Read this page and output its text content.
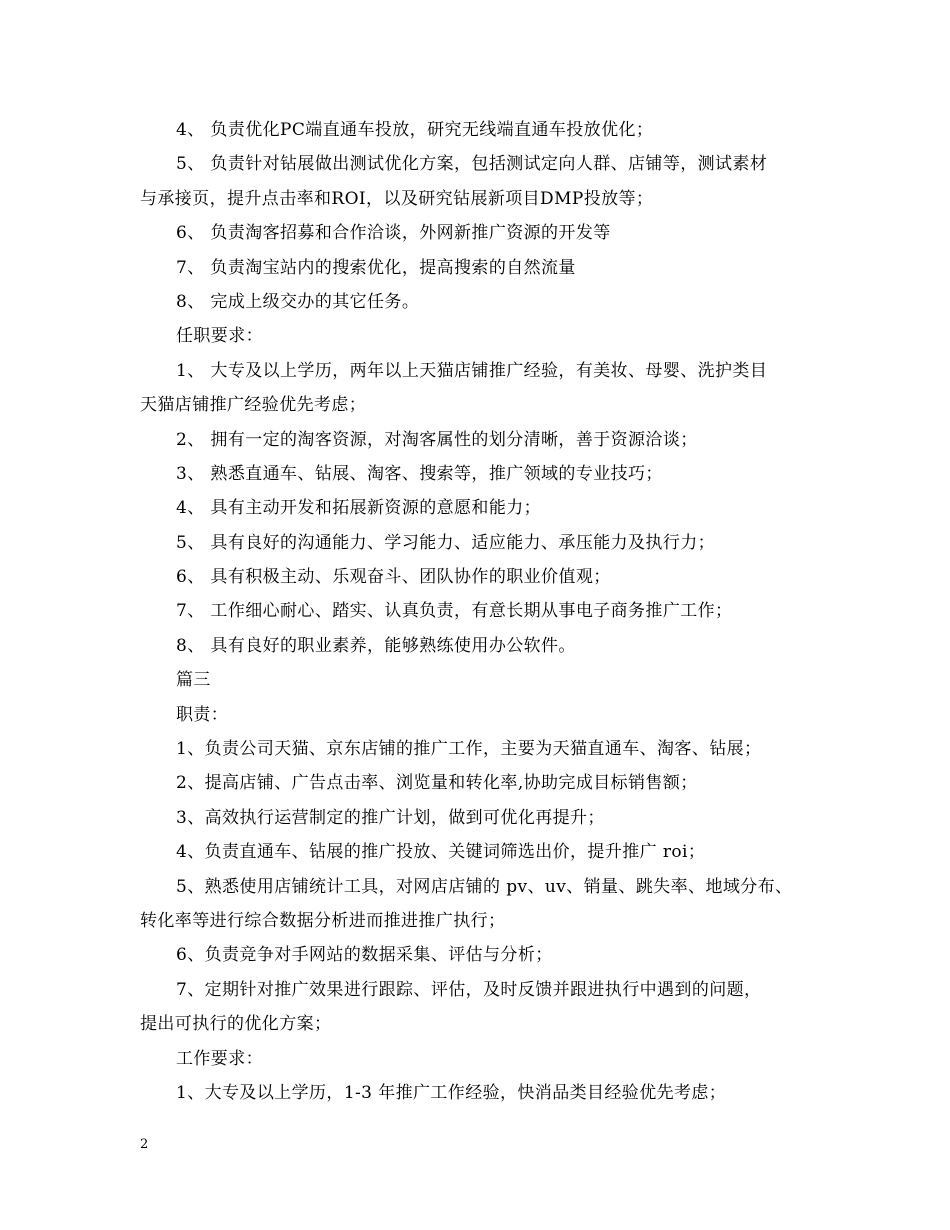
4、 负责优化PC端直通车投放，研究无线端直通车投放优化；
5、 负责针对钻展做出测试优化方案，包括测试定向人群、店铺等，测试素材
与承接页，提升点击率和ROI，以及研究钻展新项目DMP投放等；
6、 负责淘客招募和合作洽谈，外网新推广资源的开发等
7、 负责淘宝站内的搜索优化，提高搜索的自然流量
8、 完成上级交办的其它任务。
任职要求：
1、 大专及以上学历，两年以上天猫店铺推广经验，有美妆、母婴、洗护类目
天猫店铺推广经验优先考虑；
2、 拥有一定的淘客资源，对淘客属性的划分清晰，善于资源洽谈；
3、 熟悉直通车、钻展、淘客、搜索等，推广领域的专业技巧；
4、 具有主动开发和拓展新资源的意愿和能力；
5、 具有良好的沟通能力、学习能力、适应能力、承压能力及执行力；
6、 具有积极主动、乐观奋斗、团队协作的职业价值观；
7、 工作细心耐心、踏实、认真负责，有意长期从事电子商务推广工作；
8、 具有良好的职业素养，能够熟练使用办公软件。
篇三
职责：
1、负责公司天猫、京东店铺的推广工作，主要为天猫直通车、淘客、钻展；
2、提高店铺、广告点击率、浏览量和转化率,协助完成目标销售额；
3、高效执行运营制定的推广计划，做到可优化再提升；
4、负责直通车、钻展的推广投放、关键词筛选出价，提升推广 roi；
5、熟悉使用店铺统计工具，对网店店铺的 pv、uv、销量、跳失率、地域分布、
转化率等进行综合数据分析进而推进推广执行；
6、负责竞争对手网站的数据采集、评估与分析；
7、定期针对推广效果进行跟踪、评估，及时反馈并跟进执行中遇到的问题，
提出可执行的优化方案；
工作要求：
1、大专及以上学历，1-3 年推广工作经验，快消品类目经验优先考虑；
2
